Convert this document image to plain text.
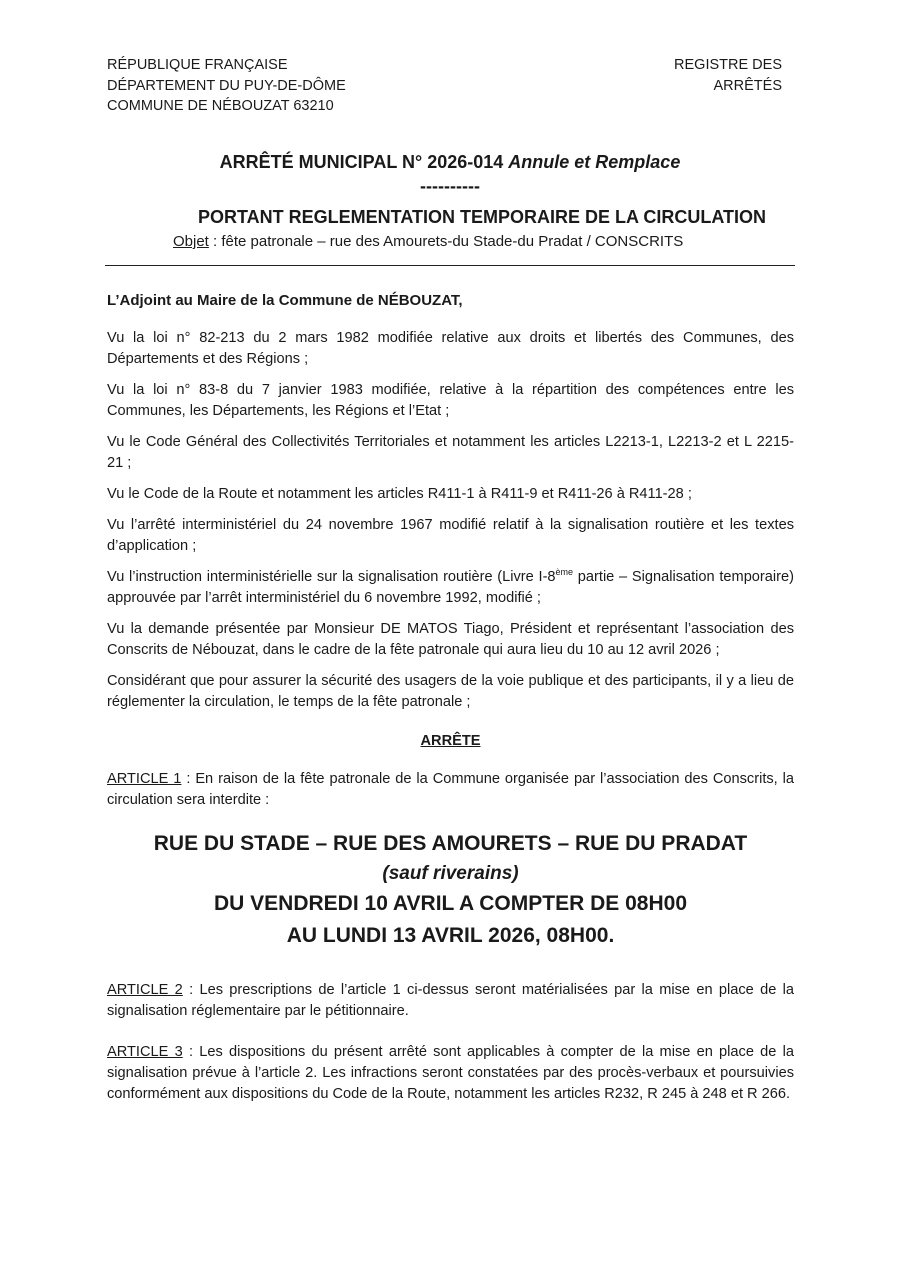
RÉPUBLIQUE FRANÇAISE
DÉPARTEMENT DU PUY-DE-DÔME
COMMUNE DE NÉBOUZAT 63210
REGISTRE DES
ARRÊTÉS
ARRÊTÉ MUNICIPAL N° 2026-014 Annule et Remplace
----------
PORTANT REGLEMENTATION TEMPORAIRE DE LA CIRCULATION
Objet : fête patronale – rue des Amourets-du Stade-du Pradat / CONSCRITS

L’Adjoint au Maire de la Commune de NÉBOUZAT,

Vu la loi n° 82-213 du 2 mars 1982 modifiée relative aux droits et libertés des Communes, des Départements et des Régions ;

Vu la loi n° 83-8 du 7 janvier 1983 modifiée, relative à la répartition des compétences entre les Communes, les Départements, les Régions et l’Etat ;

Vu le Code Général des Collectivités Territoriales et notamment les articles L2213-1, L2213-2 et L 2215-21 ;

Vu le Code de la Route et notamment les articles R411-1 à R411-9 et R411-26 à R411-28 ;

Vu l’arrêté interministériel du 24 novembre 1967 modifié relatif à la signalisation routière et les textes d’application ;

Vu l’instruction interministérielle sur la signalisation routière (Livre I-8ème partie – Signalisation temporaire) approuvée par l’arrêt interministériel du 6 novembre 1992, modifié ;

Vu la demande présentée par Monsieur DE MATOS Tiago, Président et représentant l’association des Conscrits de Nébouzat, dans le cadre de la fête patronale qui aura lieu du 10 au 12 avril 2026 ;

Considérant que pour assurer la sécurité des usagers de la voie publique et des participants, il y a lieu de réglementer la circulation, le temps de la fête patronale ;

ARRÊTE

ARTICLE 1 : En raison de la fête patronale de la Commune organisée par l’association des Conscrits, la circulation sera interdite :

RUE DU STADE – RUE DES AMOURETS – RUE DU PRADAT

(sauf riverains)

DU VENDREDI 10 AVRIL A COMPTER DE 08H00

AU LUNDI 13 AVRIL 2026, 08H00.

ARTICLE 2 : Les prescriptions de l’article 1 ci-dessus seront matérialisées par la mise en place de la signalisation réglementaire par le pétitionnaire.

ARTICLE 3 : Les dispositions du présent arrêté sont applicables à compter de la mise en place de la signalisation prévue à l’article 2. Les infractions seront constatées par des procès-verbaux et poursuivies conformément aux dispositions du Code de la Route, notamment les articles R232, R 245 à 248 et R 266.
